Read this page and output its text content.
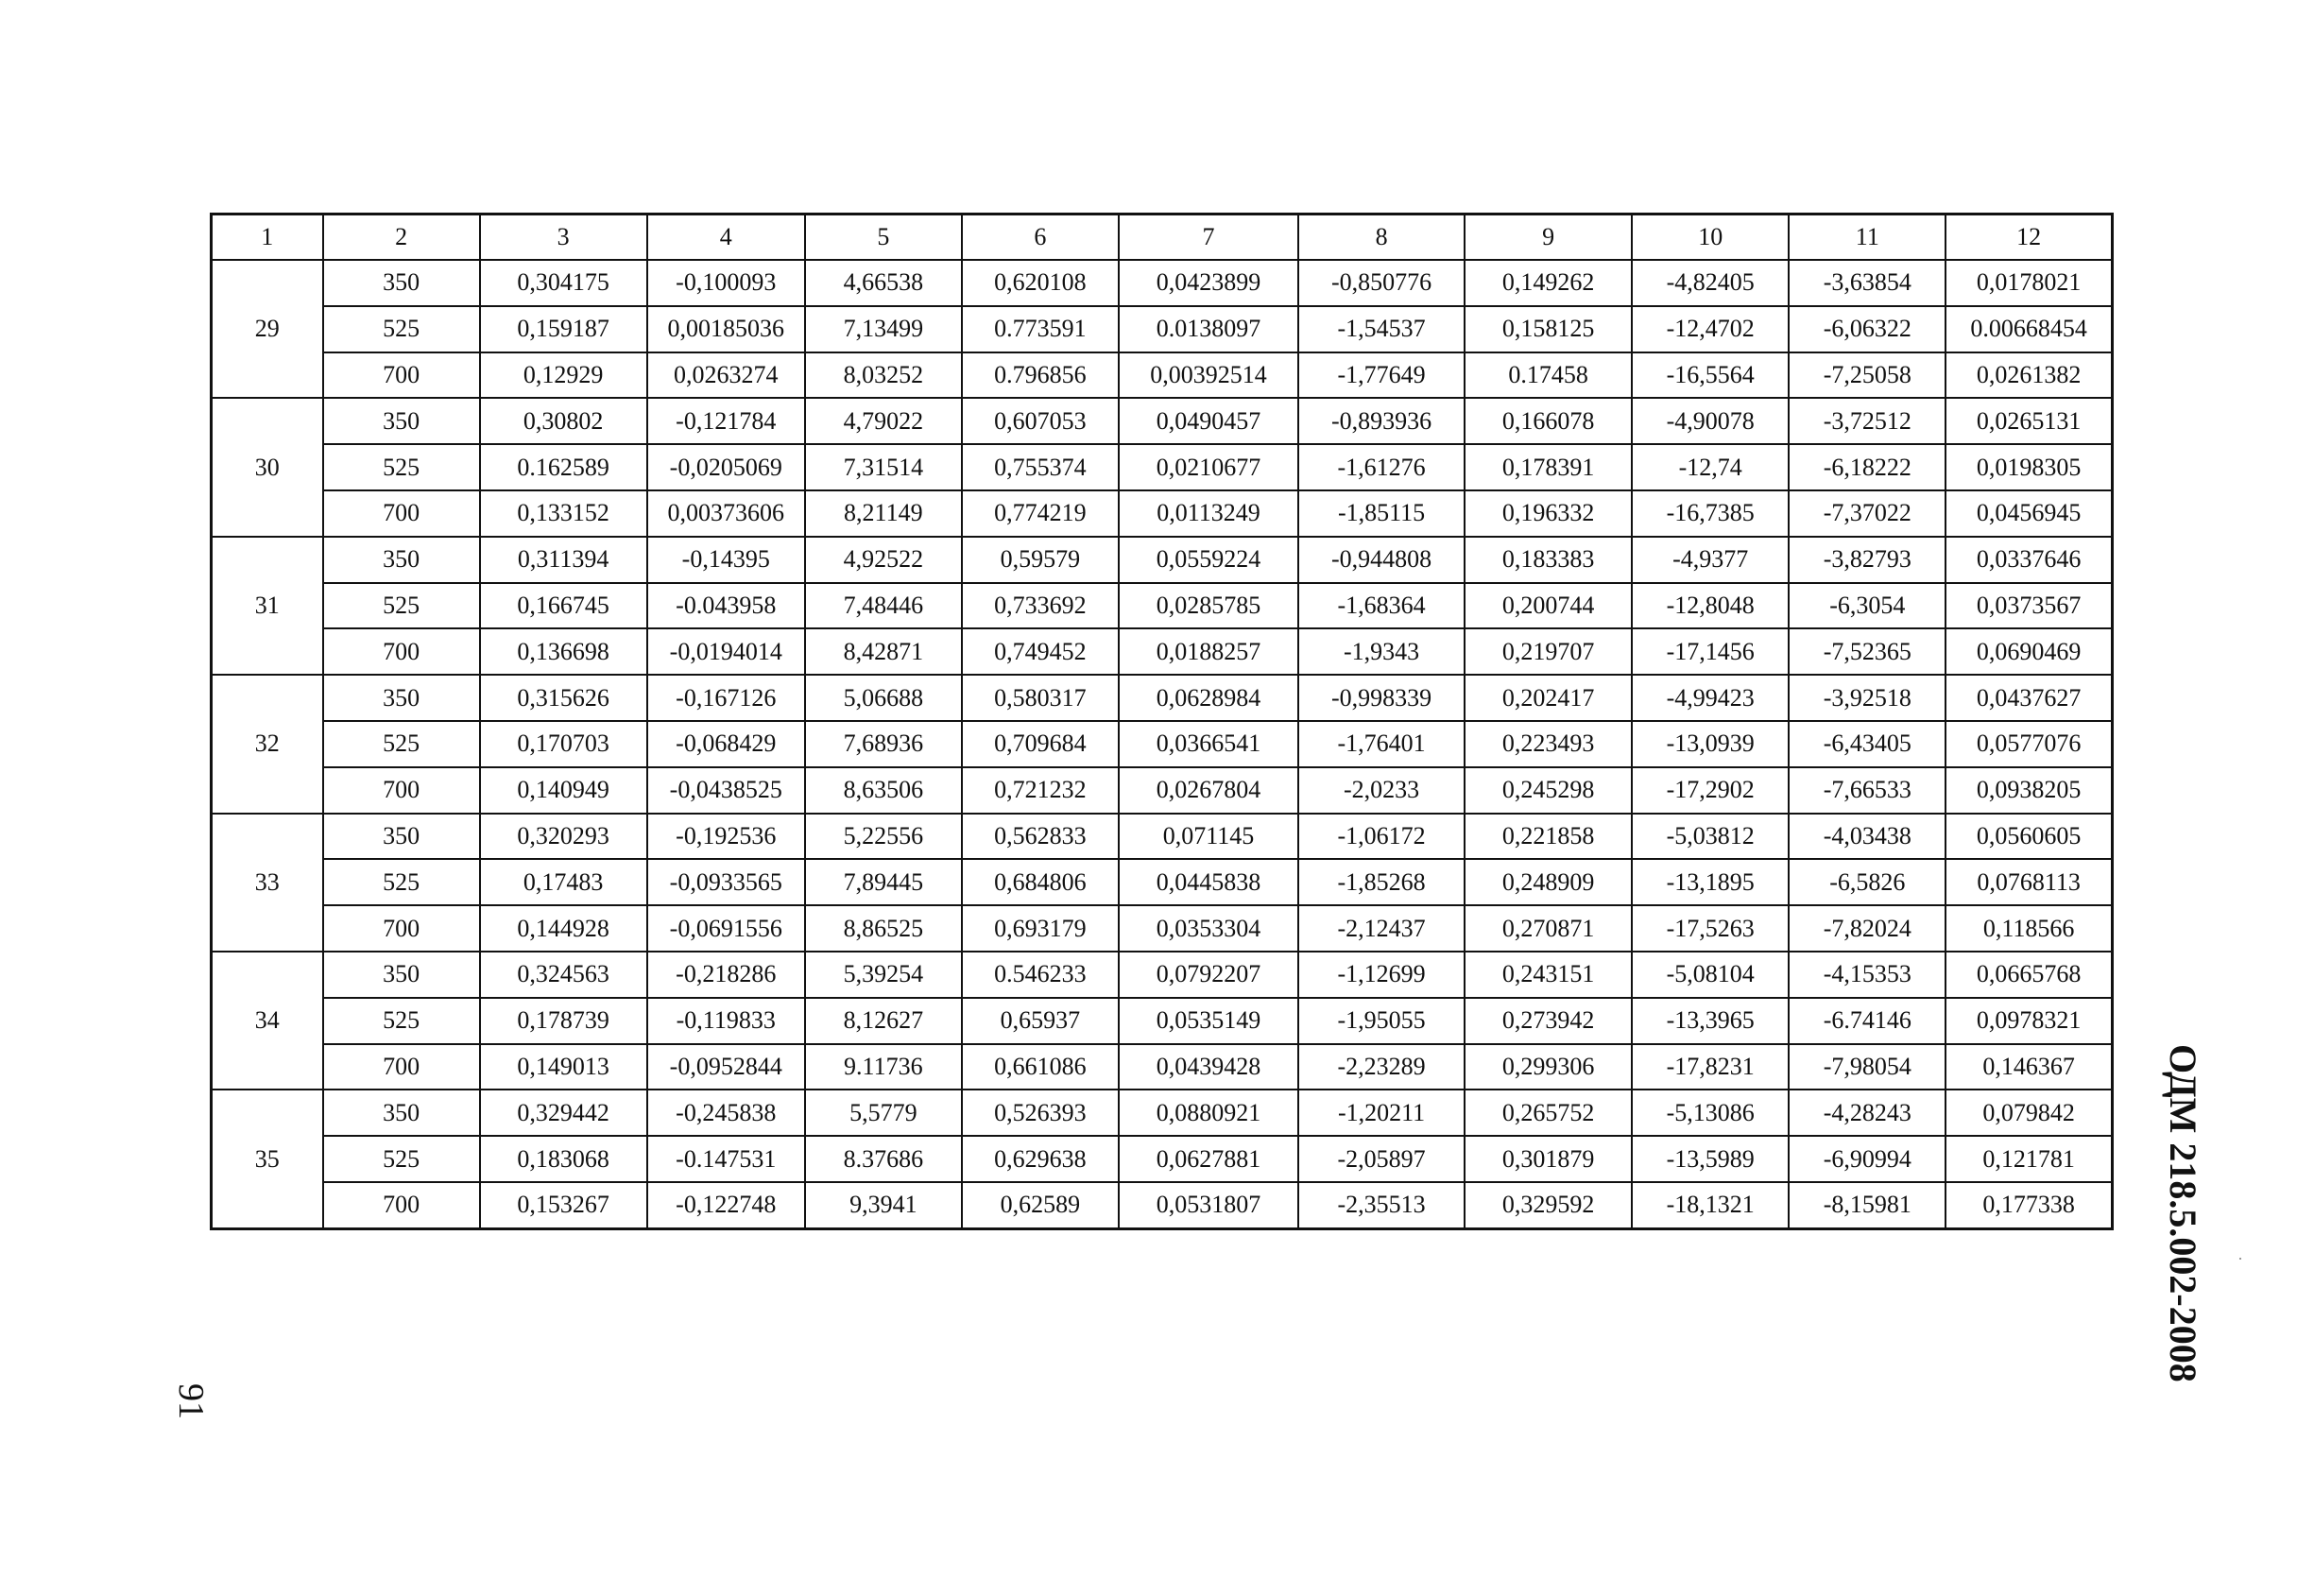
1	2	3	4	5	6	7	8	9	10	11	12
29	350	0,304175	-0,100093	4,66538	0,620108	0,0423899	-0,850776	0,149262	-4,82405	-3,63854	0,0178021
	525	0,159187	0,00185036	7,13499	0.773591	0.0138097	-1,54537	0,158125	-12,4702	-6,06322	0.00668454
	700	0,12929	0,0263274	8,03252	0.796856	0,00392514	-1,77649	0.17458	-16,5564	-7,25058	0,0261382
30	350	0,30802	-0,121784	4,79022	0,607053	0,0490457	-0,893936	0,166078	-4,90078	-3,72512	0,0265131
	525	0.162589	-0,0205069	7,31514	0,755374	0,0210677	-1,61276	0,178391	-12,74	-6,18222	0,0198305
	700	0,133152	0,00373606	8,21149	0,774219	0,0113249	-1,85115	0,196332	-16,7385	-7,37022	0,0456945
31	350	0,311394	-0,14395	4,92522	0,59579	0,0559224	-0,944808	0,183383	-4,9377	-3,82793	0,0337646
	525	0,166745	-0.043958	7,48446	0,733692	0,0285785	-1,68364	0,200744	-12,8048	-6,3054	0,0373567
	700	0,136698	-0,0194014	8,42871	0,749452	0,0188257	-1,9343	0,219707	-17,1456	-7,52365	0,0690469
32	350	0,315626	-0,167126	5,06688	0,580317	0,0628984	-0,998339	0,202417	-4,99423	-3,92518	0,0437627
	525	0,170703	-0,068429	7,68936	0,709684	0,0366541	-1,76401	0,223493	-13,0939	-6,43405	0,0577076
	700	0,140949	-0,0438525	8,63506	0,721232	0,0267804	-2,0233	0,245298	-17,2902	-7,66533	0,0938205
33	350	0,320293	-0,192536	5,22556	0,562833	0,071145	-1,06172	0,221858	-5,03812	-4,03438	0,0560605
	525	0,17483	-0,0933565	7,89445	0,684806	0,0445838	-1,85268	0,248909	-13,1895	-6,5826	0,0768113
	700	0,144928	-0,0691556	8,86525	0,693179	0,0353304	-2,12437	0,270871	-17,5263	-7,82024	0,118566
34	350	0,324563	-0,218286	5,39254	0.546233	0,0792207	-1,12699	0,243151	-5,08104	-4,15353	0,0665768
	525	0,178739	-0,119833	8,12627	0,65937	0,0535149	-1,95055	0,273942	-13,3965	-6.74146	0,0978321
	700	0,149013	-0,0952844	9.11736	0,661086	0,0439428	-2,23289	0,299306	-17,8231	-7,98054	0,146367
35	350	0,329442	-0,245838	5,5779	0,526393	0,0880921	-1,20211	0,265752	-5,13086	-4,28243	0,079842
	525	0,183068	-0.147531	8.37686	0,629638	0,0627881	-2,05897	0,301879	-13,5989	-6,90994	0,121781
	700	0,153267	-0,122748	9,3941	0,62589	0,0531807	-2,35513	0,329592	-18,1321	-8,15981	0,177338 ОДМ 218.5.002-2008
91
